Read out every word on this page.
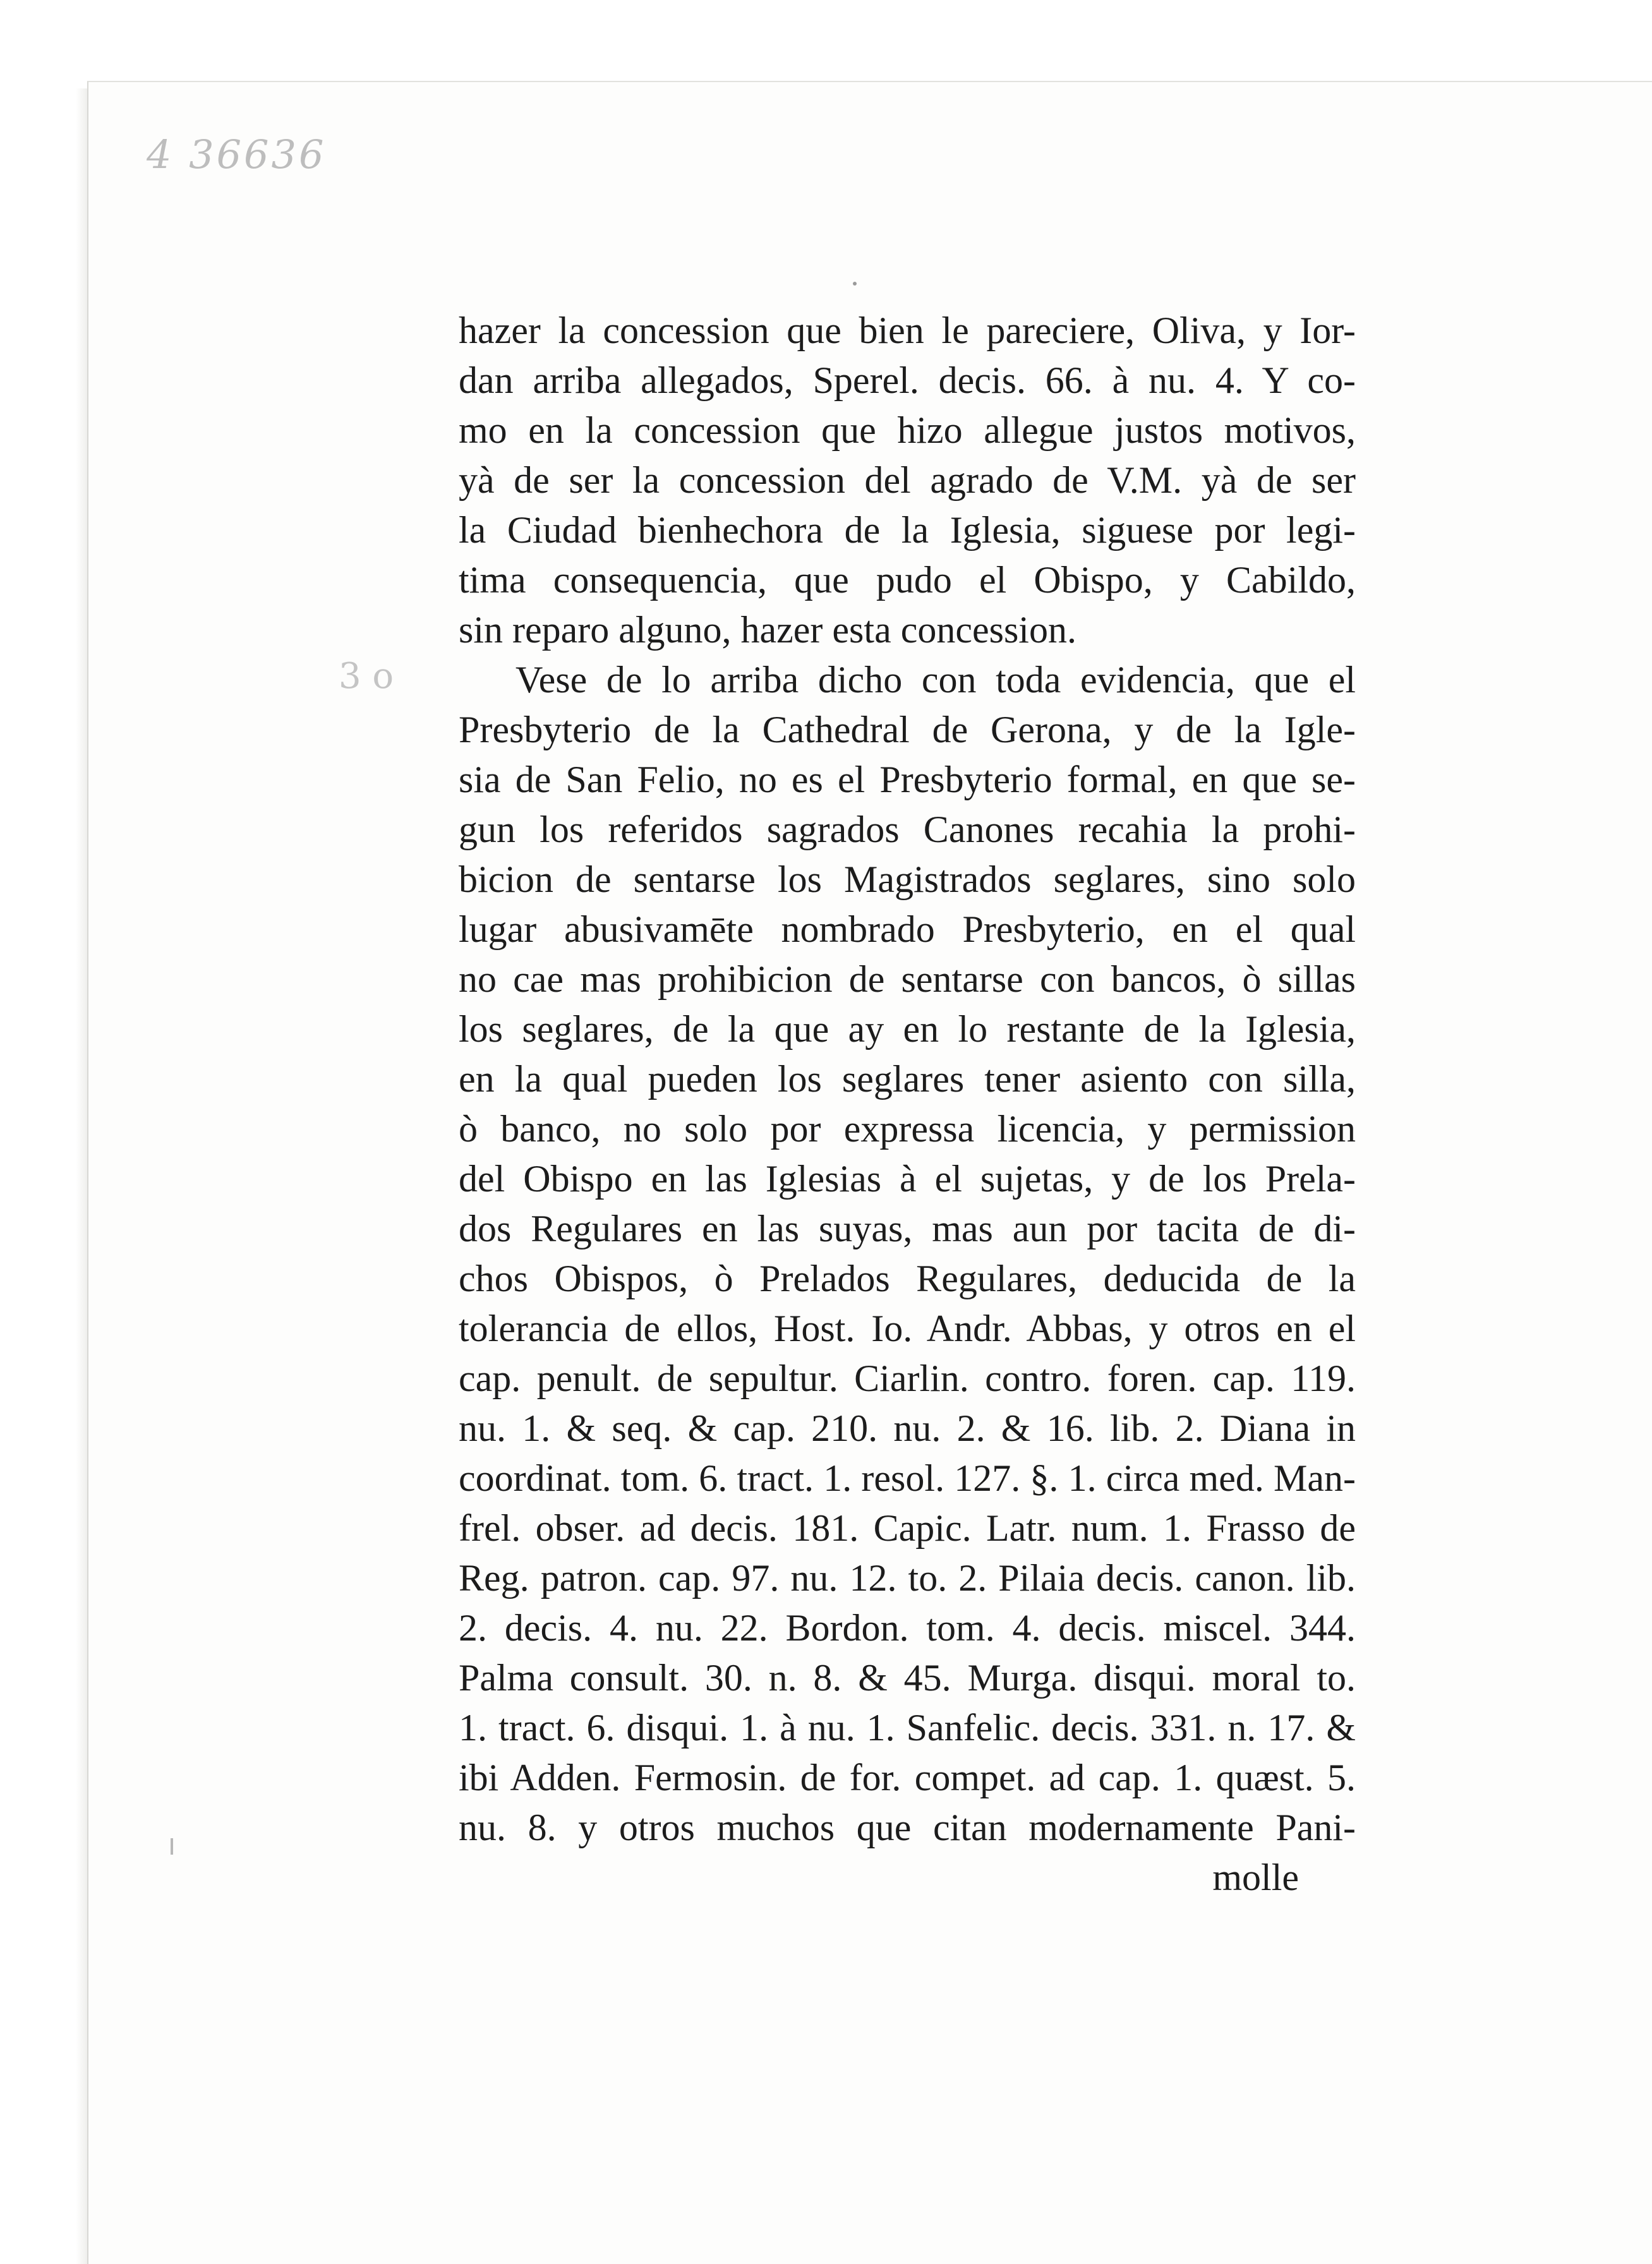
4 36636
3 o
hazer la concession que bien le pareciere, Oliva, y Ior-
dan arriba allegados, Sperel. decis. 66. à nu. 4. Y co-
mo en la concession que hizo allegue justos motivos,
yà de ser la concession del agrado de V.M. yà de ser
la Ciudad bienhechora de la Iglesia, siguese por legi-
tima consequencia, que pudo el Obispo, y Cabildo,
sin reparo alguno, hazer esta concession.
Vese de lo arriba dicho con toda evidencia, que el
Presbyterio de la Cathedral de Gerona, y de la Igle-
sia de San Felio, no es el Presbyterio formal, en que se-
gun los referidos sagrados Canones recahia la prohi-
bicion de sentarse los Magistrados seglares, sino solo
lugar abusivamēte nombrado Presbyterio, en el qual
no cae mas prohibicion de sentarse con bancos, ò sillas
los seglares, de la que ay en lo restante de la Iglesia,
en la qual pueden los seglares tener asiento con silla,
ò banco, no solo por expressa licencia, y permission
del Obispo en las Iglesias à el sujetas, y de los Prela-
dos Regulares en las suyas, mas aun por tacita de di-
chos Obispos, ò Prelados Regulares, deducida de la
tolerancia de ellos, Host. Io. Andr. Abbas, y otros en el
cap. penult. de sepultur. Ciarlin. contro. foren. cap. 119.
nu. 1. & seq. & cap. 210. nu. 2. & 16. lib. 2. Diana in
coordinat. tom. 6. tract. 1. resol. 127. §. 1. circa med. Man-
frel. obser. ad decis. 181. Capic. Latr. num. 1. Frasso de
Reg. patron. cap. 97. nu. 12. to. 2. Pilaia decis. canon. lib.
2. decis. 4. nu. 22. Bordon. tom. 4. decis. miscel. 344.
Palma consult. 30. n. 8. & 45. Murga. disqui. moral to.
1. tract. 6. disqui. 1. à nu. 1. Sanfelic. decis. 331. n. 17. &
ibi Adden. Fermosin. de for. compet. ad cap. 1. quæst. 5.
nu. 8. y otros muchos que citan modernamente Pani-
molle
